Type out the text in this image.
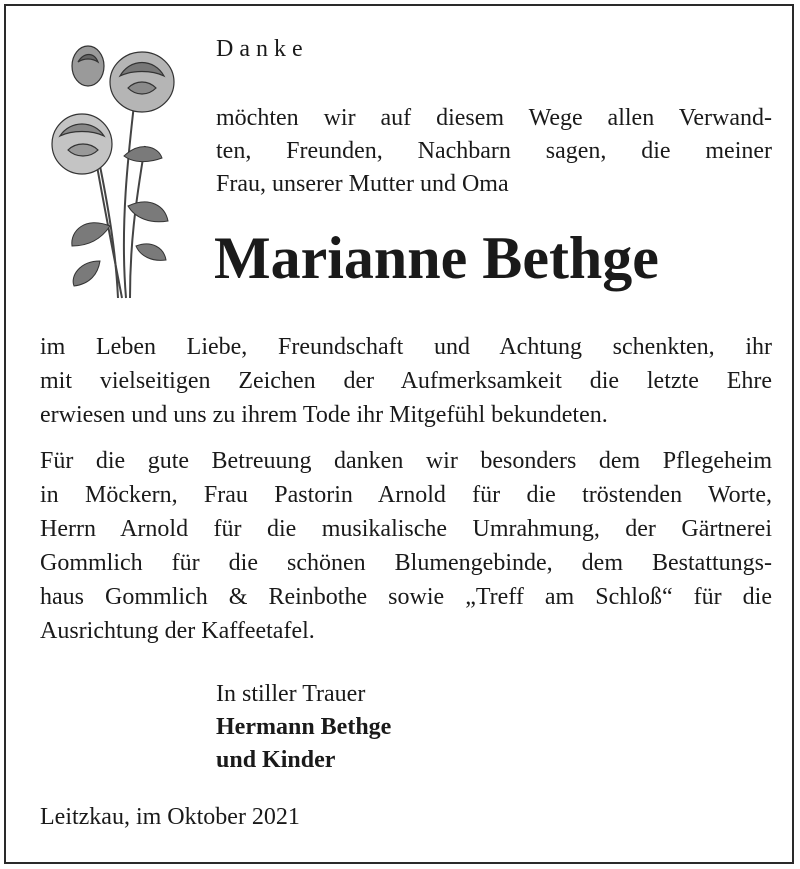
Danke
möchten wir auf diesem Wege allen Verwand-
ten, Freunden, Nachbarn sagen, die meiner
Frau, unserer Mutter und Oma
Marianne Bethge
im Leben Liebe, Freundschaft und Achtung schenkten, ihr
mit vielseitigen Zeichen der Aufmerksamkeit die letzte Ehre
erwiesen und uns zu ihrem Tode ihr Mitgefühl bekundeten.
Für die gute Betreuung danken wir besonders dem Pflegeheim
in Möckern, Frau Pastorin Arnold für die tröstenden Worte,
Herrn Arnold für die musikalische Umrahmung, der Gärtnerei
Gommlich für die schönen Blumengebinde, dem Bestattungs-
haus Gommlich & Reinbothe sowie „Treff am Schloß“ für die
Ausrichtung der Kaffeetafel.
In stiller Trauer
Hermann Bethge
und Kinder
Leitzkau, im Oktober 2021
